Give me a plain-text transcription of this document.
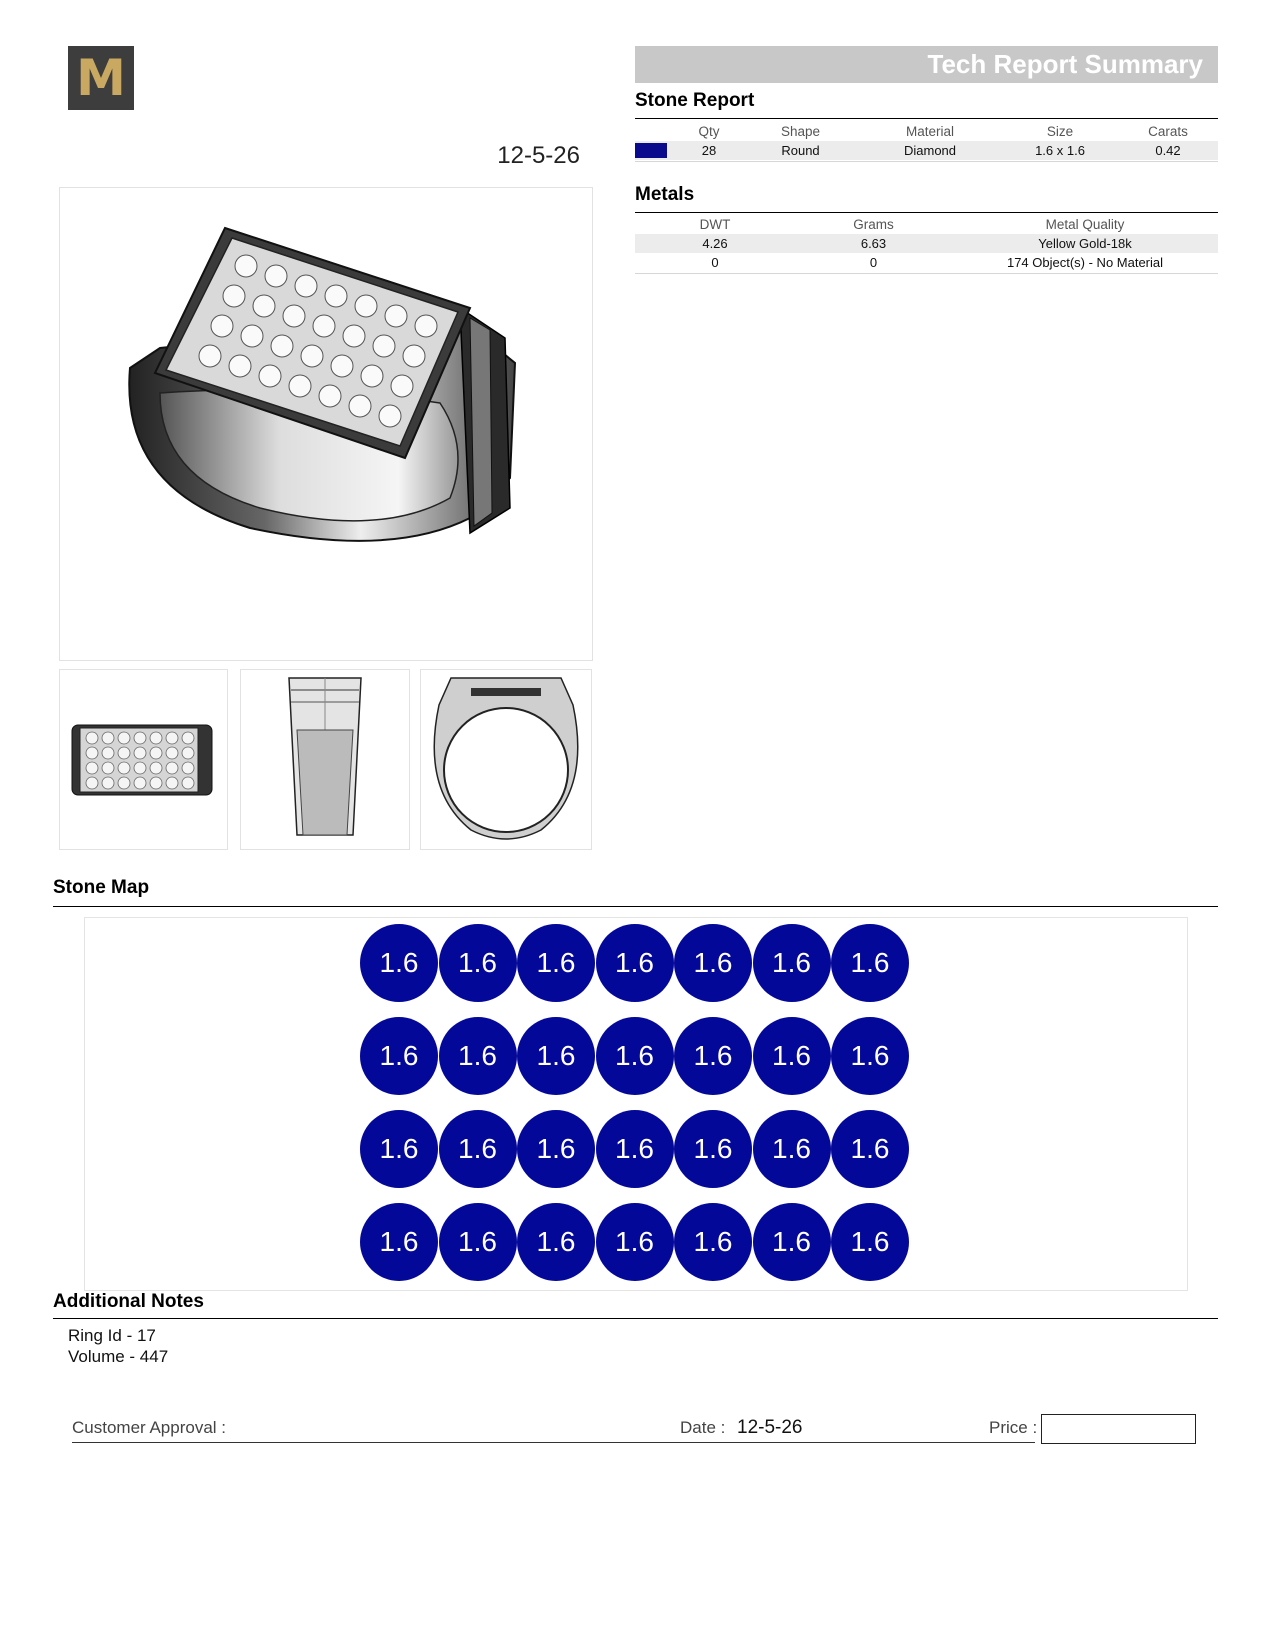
M
12-5-26
Tech Report Summary
Stone Report
	Qty	Shape	Material	Size	Carats

	28	Round	Diamond	1.6 x 1.6	0.42
Metals
DWT	Grams	Metal Quality
4.26	6.63	Yellow Gold-18k
0	0	174 Object(s) - No Material
Stone Map
1.6	1.6	1.6	1.6	1.6	1.6	1.6
1.6	1.6	1.6	1.6	1.6	1.6	1.6
1.6	1.6	1.6	1.6	1.6	1.6	1.6
1.6	1.6	1.6	1.6	1.6	1.6	1.6
Additional Notes
Ring Id - 17
Volume - 447
Customer Approval :	Date : 12-5-26	Price :
